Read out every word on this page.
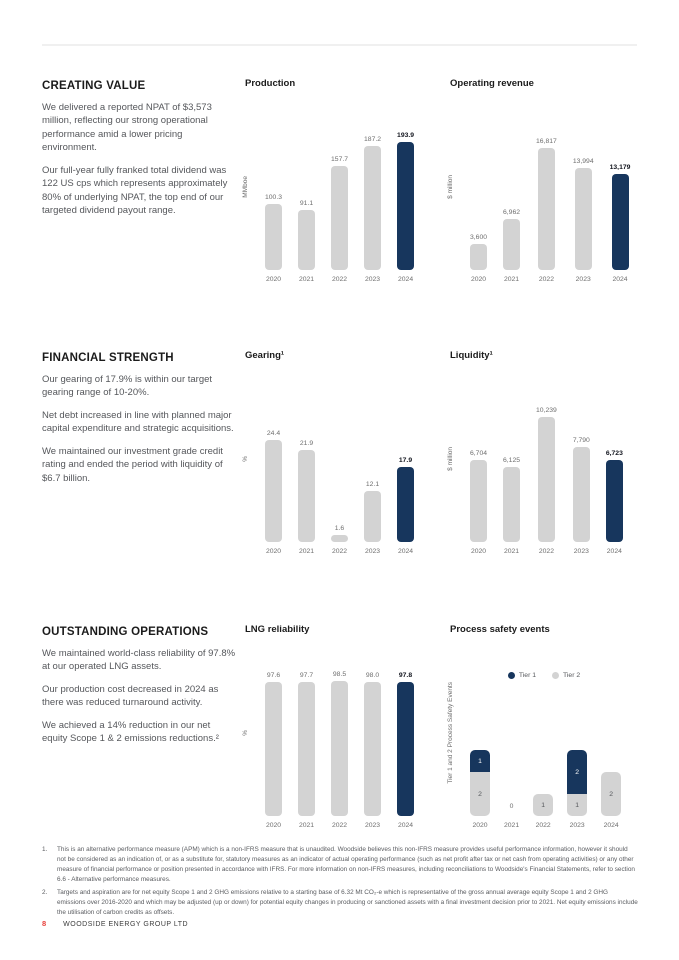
CREATING VALUE

We delivered a reported NPAT of $3,573 million, reflecting our strong operational performance amid a lower pricing environment.

Our full-year fully franked total dividend was 122 US cps which represents approximately 80% of underlying NPAT, the top end of our targeted dividend payout range.

Production
MMboe 100.3
2020
91.1
2021
157.7
2022
187.2
2023
193.9
2024
Operating revenue
$ million
3,600
2020
6,962
2021
16,817
2022
13,994
2023
13,179
2024
FINANCIAL STRENGTH

Our gearing of 17.9% is within our target gearing range of 10-20%.

Net debt increased in line with planned major capital expenditure and strategic acquisitions.

We maintained our investment grade credit rating and ended the period with liquidity of $6.7 billion.

Gearing¹
%
24.4
2020
21.9
2021
1.6
2022
12.1
2023
17.9
2024
Liquidity¹
$ million 6,704
2020
6,125
2021
10,239
2022
7,790
2023
6,723
2024
OUTSTANDING OPERATIONS

We maintained world-class reliability of 97.8% at our operated LNG assets.

Our production cost decreased in 2024 as there was reduced turnaround activity.

We achieved a 14% reduction in our net equity Scope 1 & 2 emissions reductions.²

LNG reliability
%
97.6
2020
97.7
2021
98.5
2022
98.0
2023
97.8
2024
Process safety events
Tier 1 and 2 Process Safety Events
Tier 1	Tier 2
1
2
2020
0
2021
1
2022
2
1
2023
2
2024
1.	This is an alternative performance measure (APM) which is a non-IFRS measure that is unaudited. Woodside believes this non-IFRS measure provides useful performance information, however it should not be considered as an indication of, or as a substitute for, statutory measures as an indicator of actual operating performance (such as net profit after tax or net cash from operating activities) or any other measure of financial performance or position presented in accordance with IFRS. For more information on non-IFRS measures, including reconciliations to Woodside's Financial Statements, refer to section 6.6 - Alternative performance measures.
2.	Targets and aspiration are for net equity Scope 1 and 2 GHG emissions relative to a starting base of 6.32 Mt CO₂-e which is representative of the gross annual average equity Scope 1 and 2 GHG emissions over 2016-2020 and which may be adjusted (up or down) for potential equity changes in producing or sanctioned assets with a final investment decision prior to 2021. Net equity emissions include the utilisation of carbon credits as offsets.
8 WOODSIDE ENERGY GROUP LTD
